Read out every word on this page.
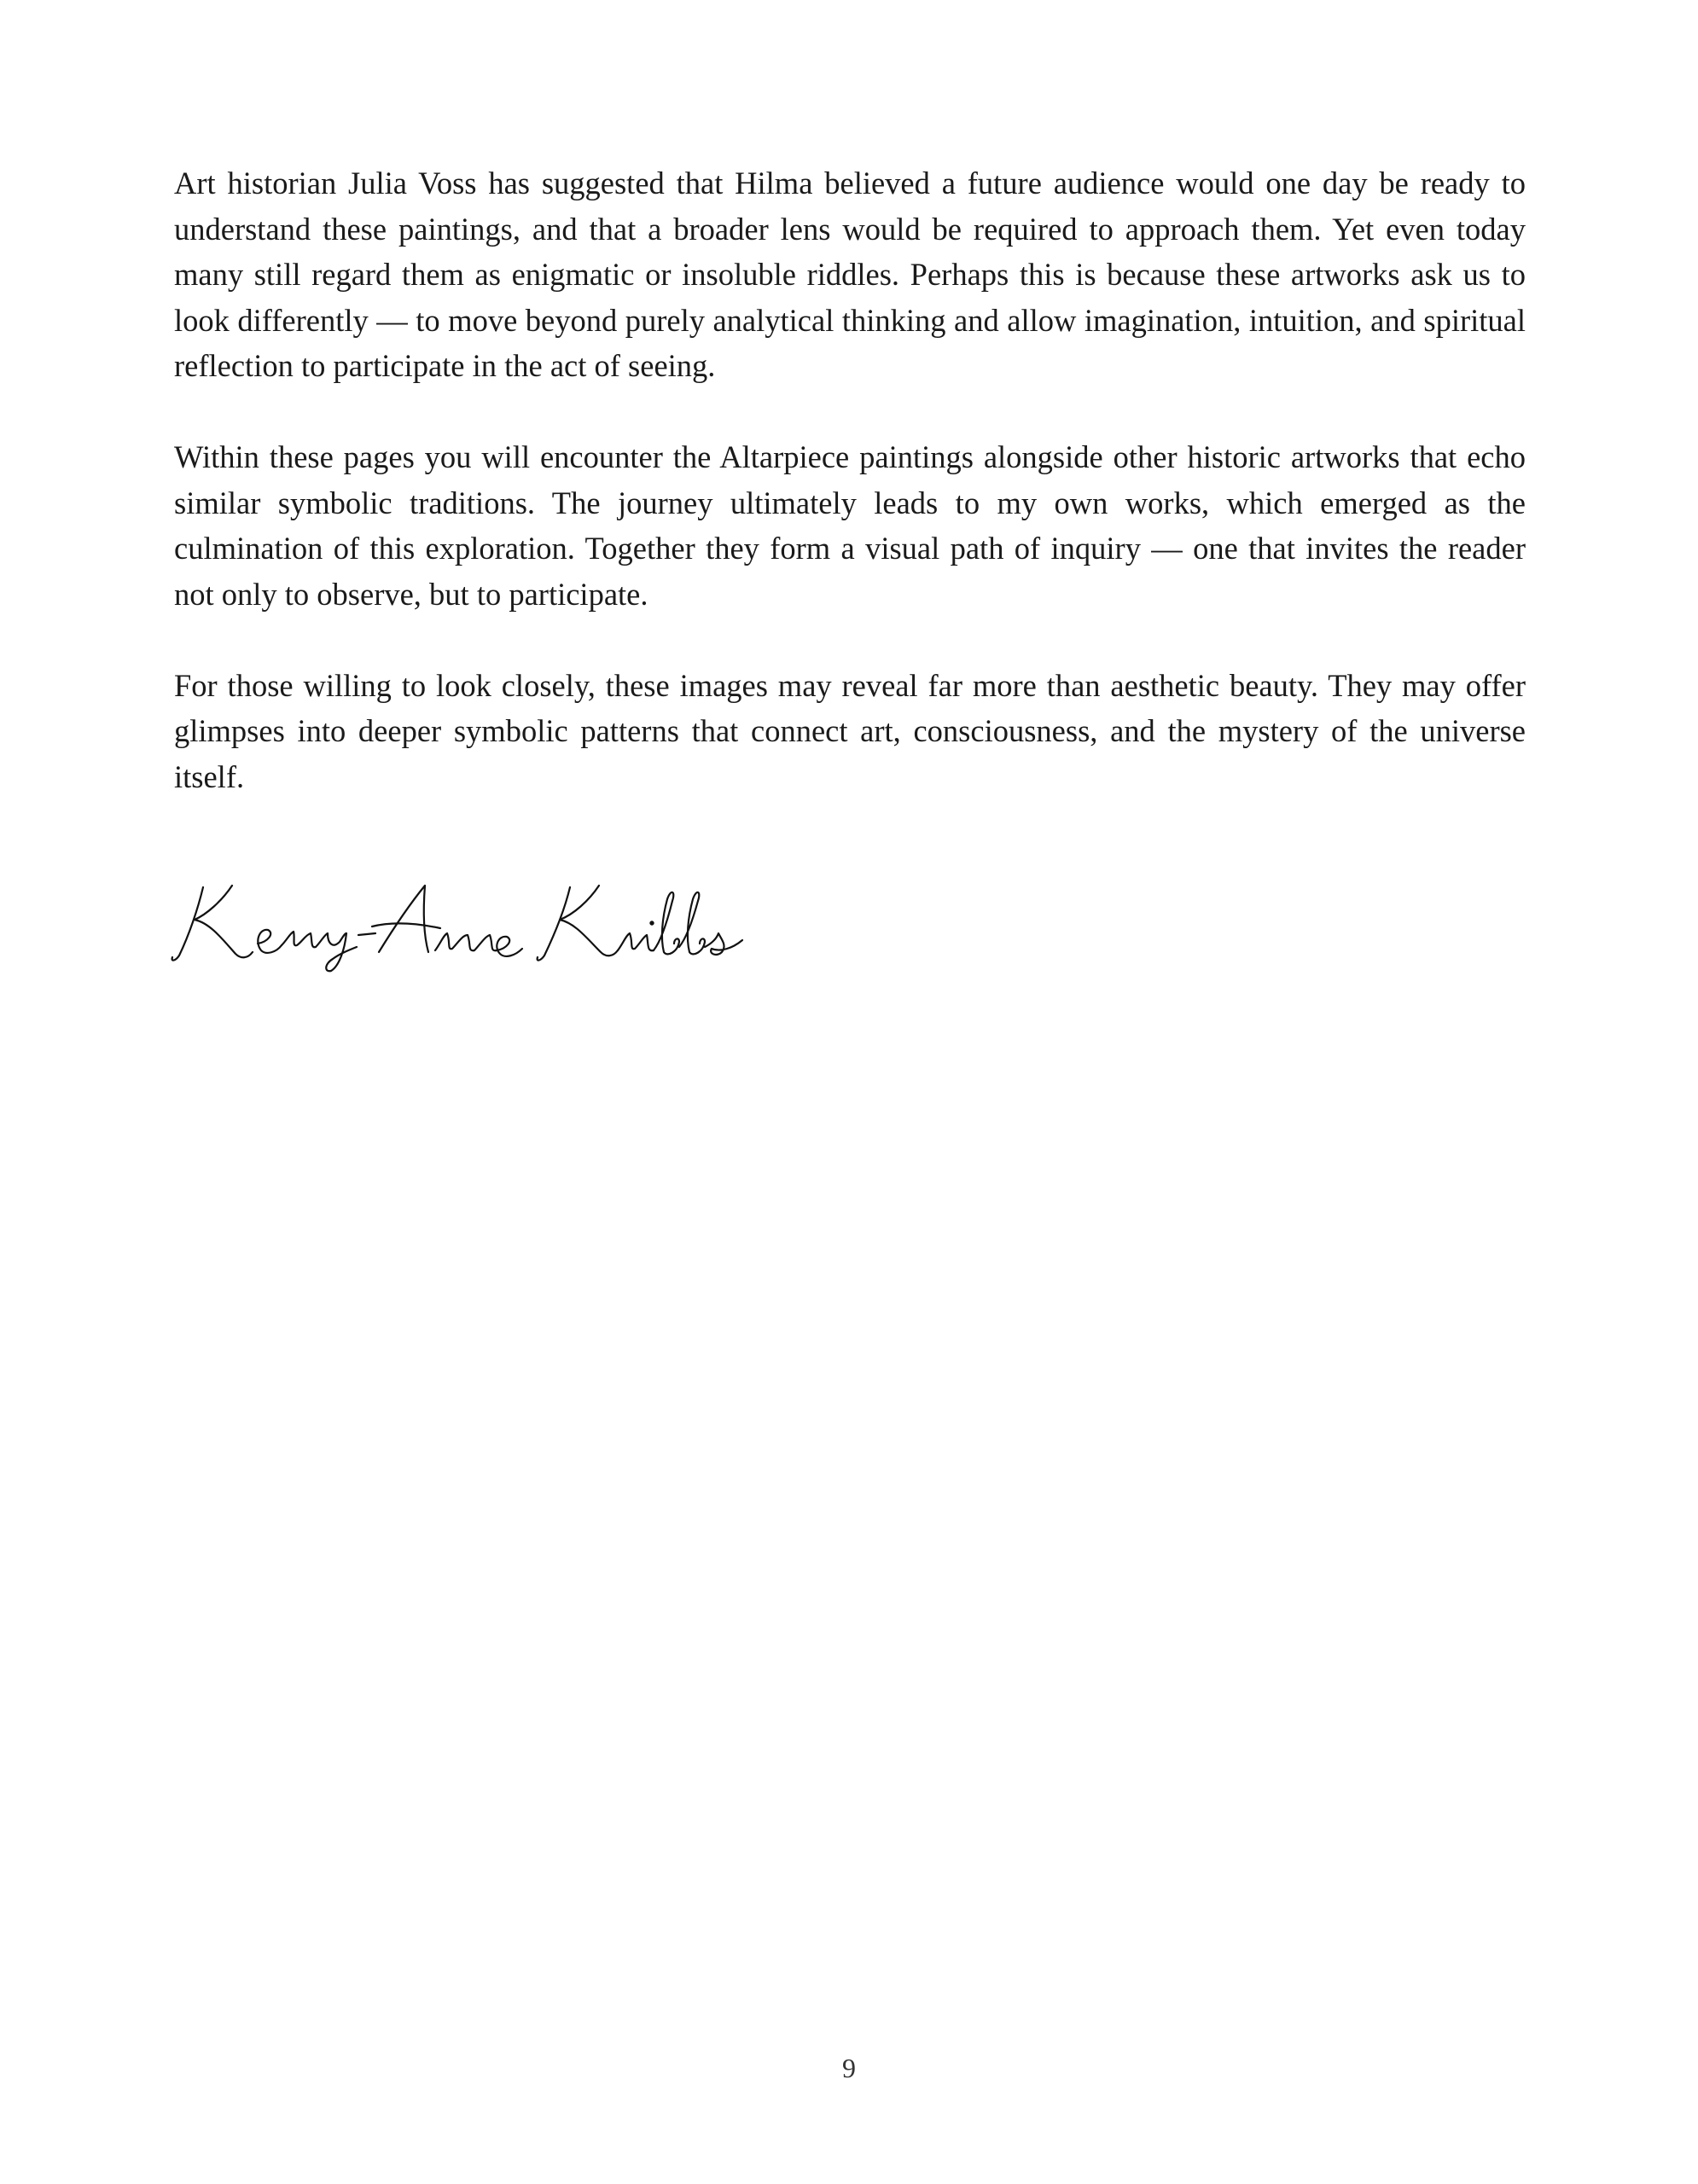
Art historian Julia Voss has suggested that Hilma believed a future audience would one day be ready to understand these paintings, and that a broader lens would be required to approach them. Yet even today many still regard them as enigmatic or insoluble riddles. Perhaps this is because these artworks ask us to look differently — to move beyond purely analytical thinking and allow imagination, intuition, and spiritual reflection to participate in the act of seeing.

Within these pages you will encounter the Altarpiece paintings alongside other historic artworks that echo similar symbolic traditions. The journey ultimately leads to my own works, which emerged as the culmination of this exploration. Together they form a visual path of inquiry — one that invites the reader not only to observe, but to participate.

For those willing to look closely, these images may reveal far more than aesthetic beauty. They may offer glimpses into deeper symbolic patterns that connect art, consciousness, and the mystery of the universe itself.

9
